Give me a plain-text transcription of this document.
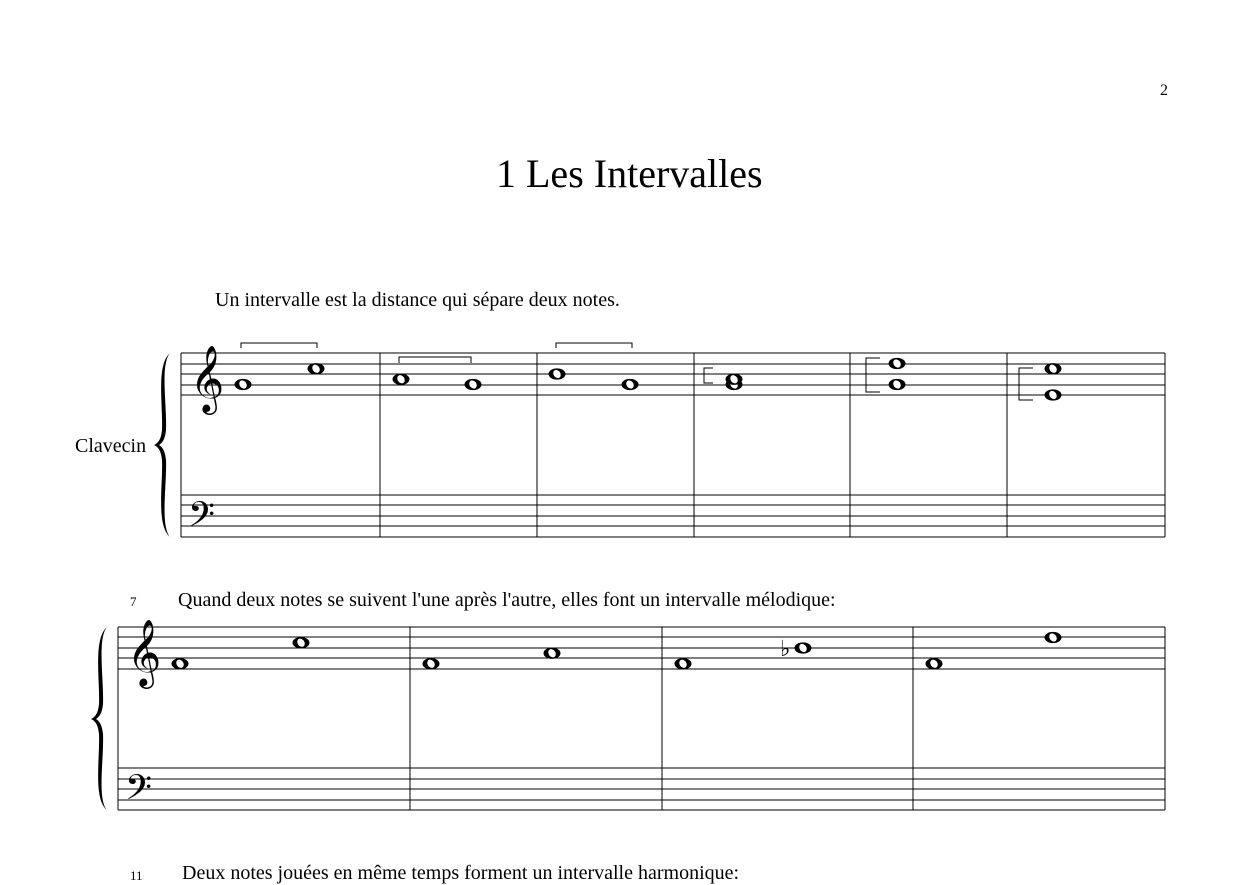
2
1 Les Intervalles
Un intervalle est la distance qui sépare deux notes.
Clavecin
7 Quand deux notes se suivent l'une après l'autre, elles font un intervalle mélodique:
11 Deux notes jouées en même temps forment un intervalle harmonique:
𝄞
𝄢
𝄞
𝄢
♭
